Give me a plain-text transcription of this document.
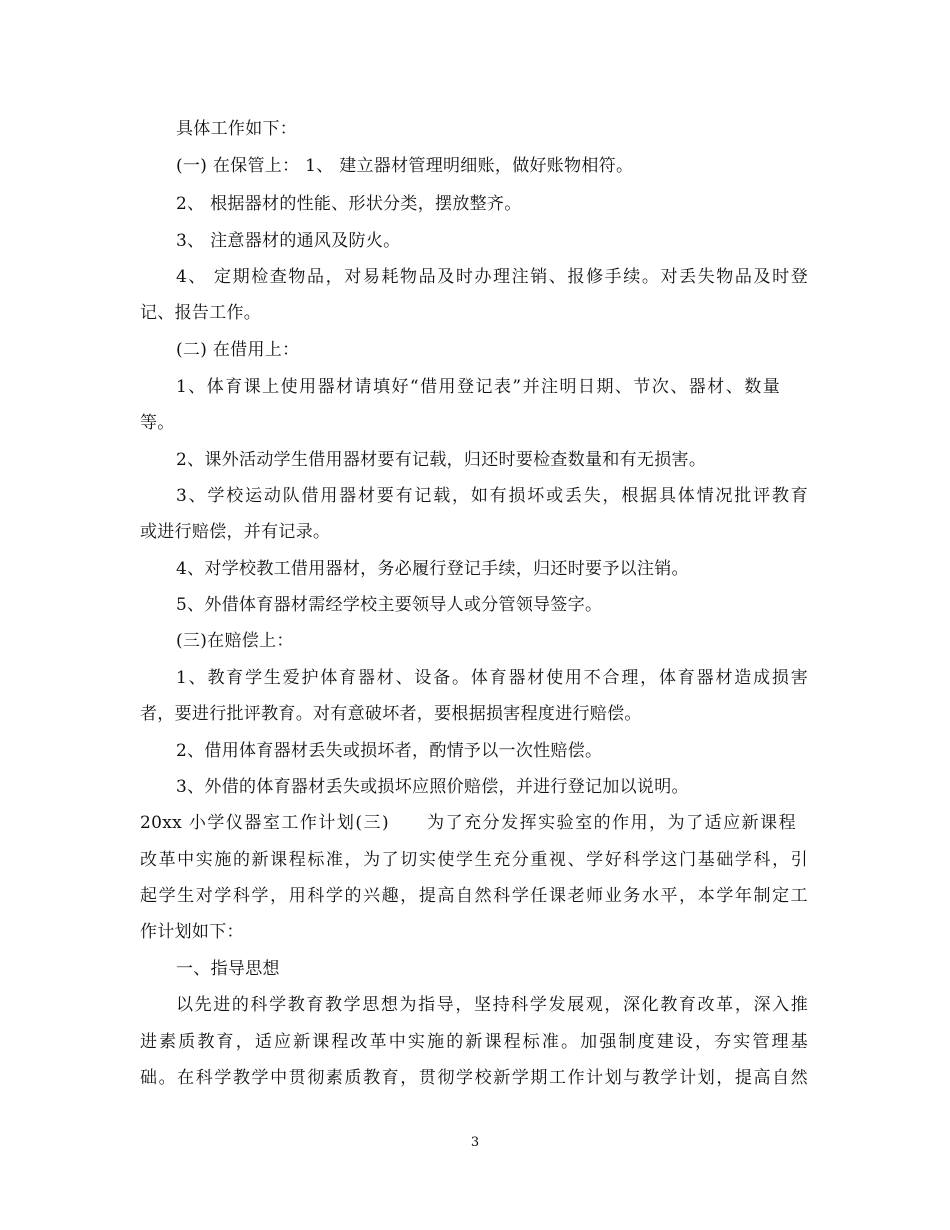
具体工作如下：
(一) 在保管上： 1、 建立器材管理明细账，做好账物相符。
2、 根据器材的性能、形状分类，摆放整齐。
3、 注意器材的通风及防火。
4、 定期检查物品，对易耗物品及时办理注销、报修手续。对丢失物品及时登
记、报告工作。
(二) 在借用上：
1、体育课上使用器材请填好“借用登记表”并注明日期、节次、器材、数量
等。
2、课外活动学生借用器材要有记载，归还时要检查数量和有无损害。
3、学校运动队借用器材要有记载，如有损坏或丢失，根据具体情况批评教育
或进行赔偿，并有记录。
4、对学校教工借用器材，务必履行登记手续，归还时要予以注销。
5、外借体育器材需经学校主要领导人或分管领导签字。
(三)在赔偿上：
1、教育学生爱护体育器材、设备。体育器材使用不合理，体育器材造成损害
者，要进行批评教育。对有意破坏者，要根据损害程度进行赔偿。
2、借用体育器材丢失或损坏者，酌情予以一次性赔偿。
3、外借的体育器材丢失或损坏应照价赔偿，并进行登记加以说明。
20xx 小学仪器室工作计划(三)　　为了充分发挥实验室的作用，为了适应新课程
改革中实施的新课程标准，为了切实使学生充分重视、学好科学这门基础学科，引
起学生对学科学，用科学的兴趣，提高自然科学任课老师业务水平，本学年制定工
作计划如下：
一、指导思想
以先进的科学教育教学思想为指导，坚持科学发展观，深化教育改革，深入推
进素质教育，适应新课程改革中实施的新课程标准。加强制度建设，夯实管理基
础。在科学教学中贯彻素质教育，贯彻学校新学期工作计划与教学计划，提高自然
3
